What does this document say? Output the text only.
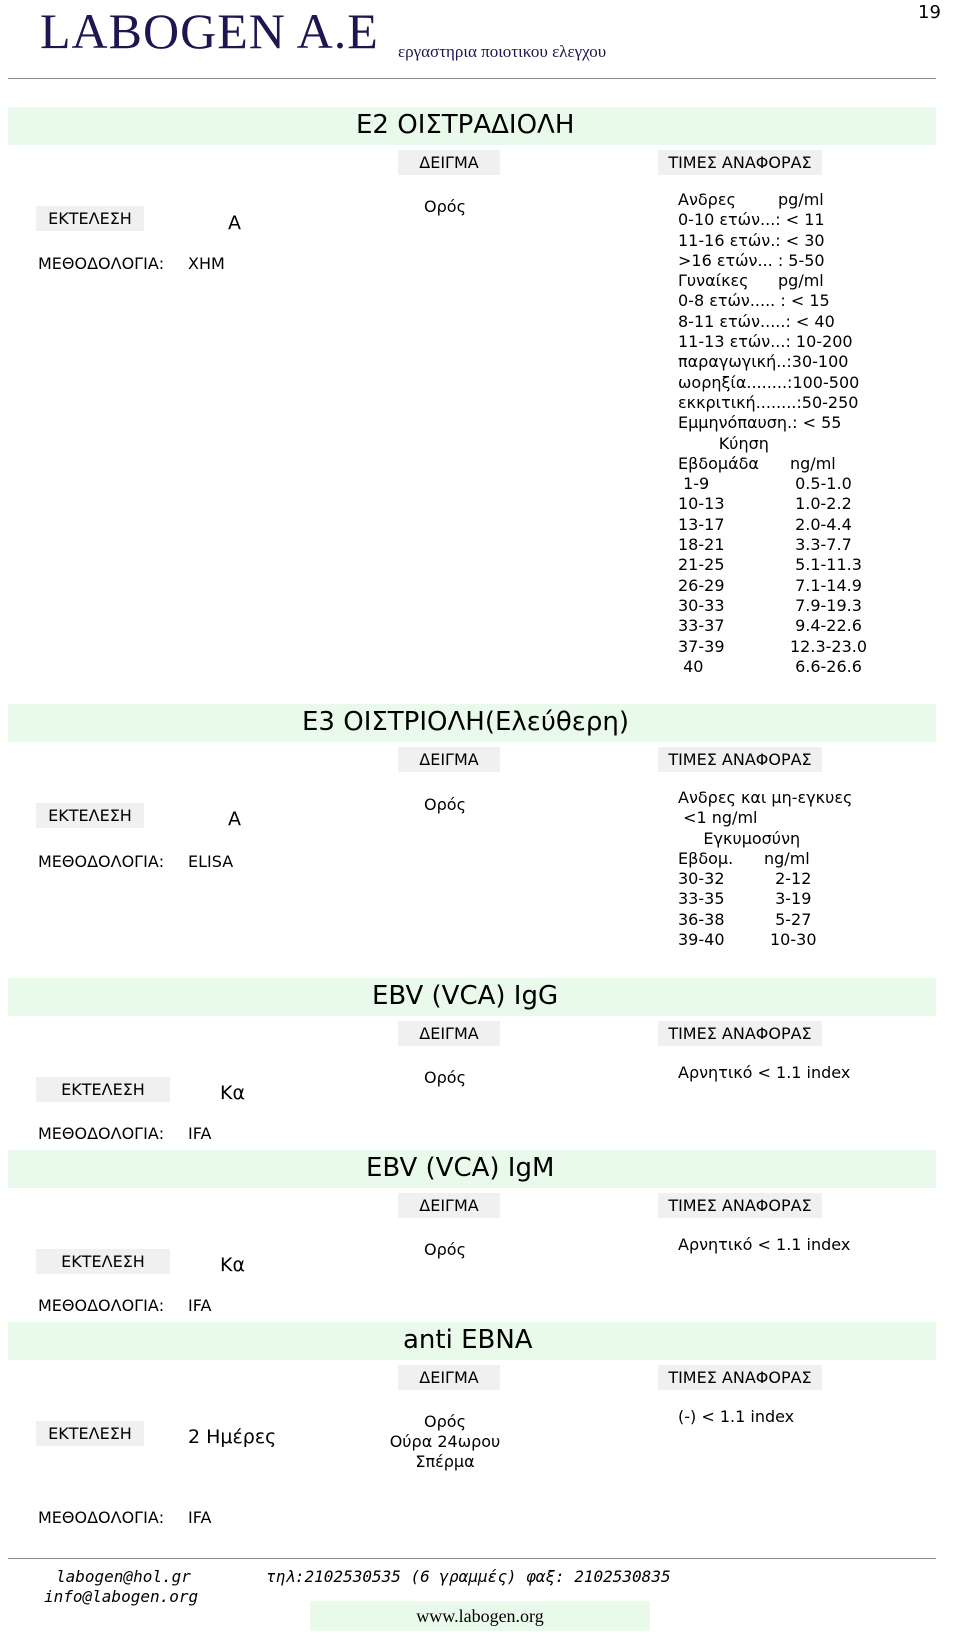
LABOGEN A.E εργαστηρια ποιοτικου ελεγχου
19
E2 ΟΙΣΤΡΑΔΙΟΛΗ
ΔΕΙΓΜΑ	ΤΙΜΕΣ ΑΝΑΦΟΡΑΣ
ΕΚΤΕΛΕΣΗ	Α
ΜΕΘΟΔΟΛΟΓΙΑ: ΧΗΜ
Ορός	Ανδρες	pg/ml
0-10 ετών...: < 11
11-16 ετών.: < 30
>16 ετών... : 5-50
Γυναίκες	pg/ml
0-8 ετών..... : < 15
8-11 ετών.....: < 40
11-13 ετών...: 10-200
παραγωγική..:30-100
ωορηξία........:100-500
εκκριτική........:50-250
Εμμηνόπαυση.: < 55
Κύηση
Εβδομάδα	ng/ml
1-9	0.5-1.0
10-13	1.0-2.2
13-17	2.0-4.4
18-21	3.3-7.7
21-25	5.1-11.3
26-29	7.1-14.9
30-33	7.9-19.3
33-37	9.4-22.6
37-39	12.3-23.0
40	6.6-26.6
E3 ΟΙΣΤΡΙΟΛΗ(Ελεύθερη)
ΔΕΙΓΜΑ	ΤΙΜΕΣ ΑΝΑΦΟΡΑΣ
ΕΚΤΕΛΕΣΗ	Α
ΜΕΘΟΔΟΛΟΓΙΑ: ELISA
Ορός	Ανδρες και μη-εγκυες
<1 ng/ml
Εγκυμοσύνη
Εβδομ.	ng/ml
30-32	2-12
33-35	3-19
36-38	5-27
39-40	10-30
EBV (VCA) IgG
ΔΕΙΓΜΑ	ΤΙΜΕΣ ΑΝΑΦΟΡΑΣ
ΕΚΤΕΛΕΣΗ	Κα
ΜΕΘΟΔΟΛΟΓΙΑ: IFA
Ορός	Αρνητικό < 1.1 index
EBV (VCA) IgM
ΔΕΙΓΜΑ	ΤΙΜΕΣ ΑΝΑΦΟΡΑΣ
ΕΚΤΕΛΕΣΗ	Κα
ΜΕΘΟΔΟΛΟΓΙΑ: IFA
Ορός	Αρνητικό < 1.1 index
anti EBNA
ΔΕΙΓΜΑ	ΤΙΜΕΣ ΑΝΑΦΟΡΑΣ
ΕΚΤΕΛΕΣΗ	2 Ημέρες
ΜΕΘΟΔΟΛΟΓΙΑ: IFA
Ορός
Ούρα 24ωρου
Σπέρμα
(-) < 1.1 index
labogen@hol.gr
info@labogen.org
τηλ:2102530535 (6 γραμμές) φαξ: 2102530835
www.labogen.org
